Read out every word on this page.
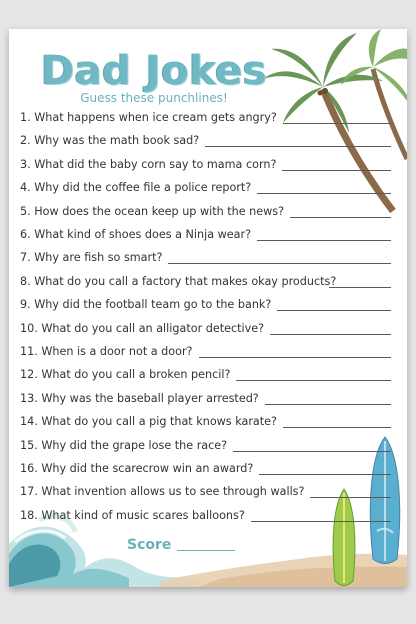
Dad Jokes
Guess these punchlines!
1. What happens when ice cream gets angry?
2. Why was the math book sad?
3. What did the baby corn say to mama corn?
4. Why did the coffee file a police report?
5. How does the ocean keep up with the news?
6. What kind of shoes does a Ninja wear?
7. Why are fish so smart?
8. What do you call a factory that makes okay products?
9. Why did the football team go to the bank?
10. What do you call an alligator detective?
11. When is a door not a door?
12. What do you call a broken pencil?
13. Why was the baseball player arrested?
14. What do you call a pig that knows karate?
15. Why did the grape lose the race?
16. Why did the scarecrow win an award?
17. What invention allows us to see through walls?
18. What kind of music scares balloons?
Score
